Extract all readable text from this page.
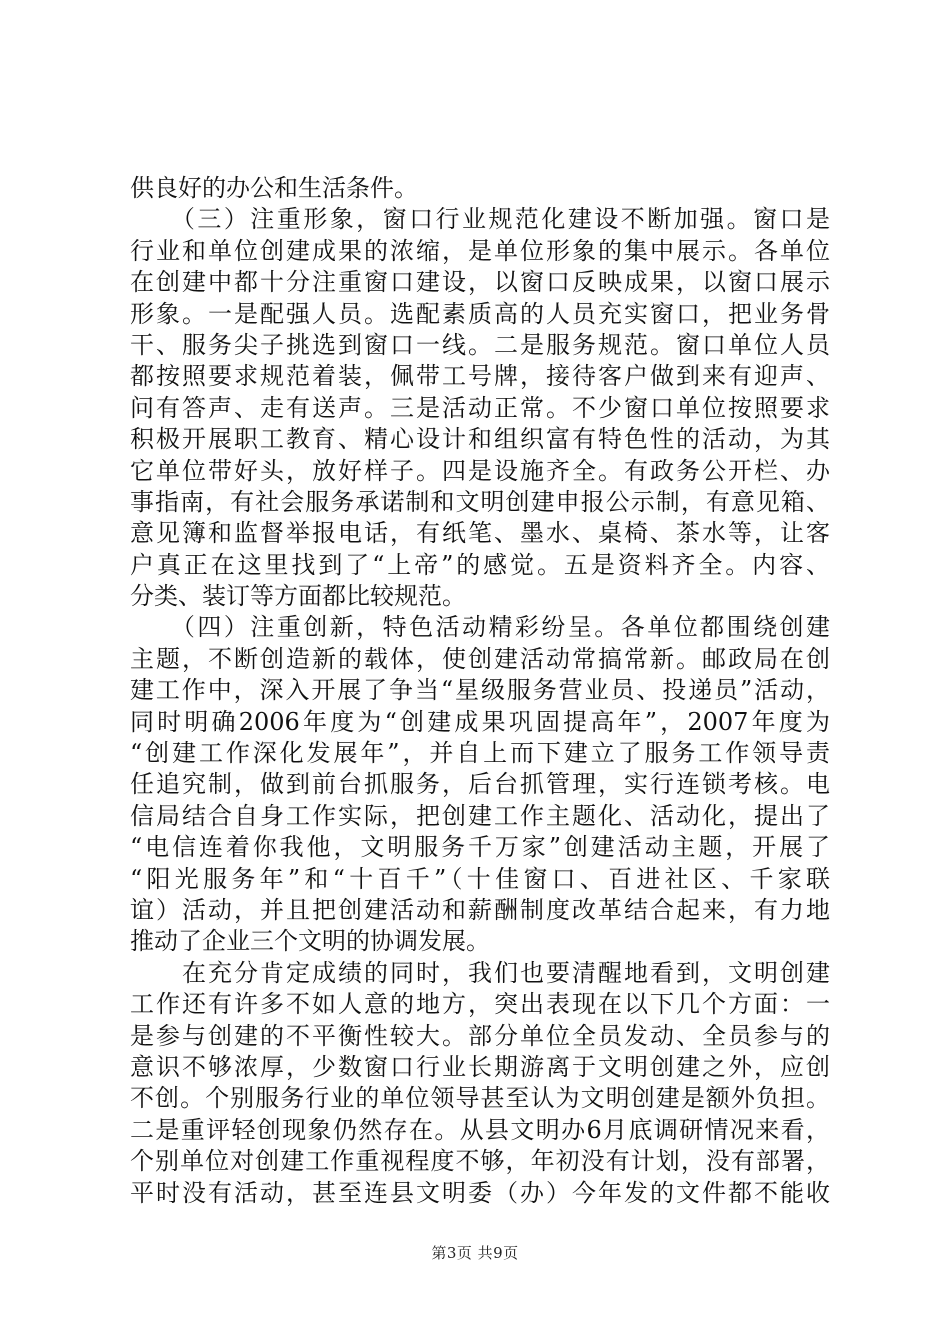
供良好的办公和生活条件。
　　（三）注重形象，窗口行业规范化建设不断加强。窗口是
行业和单位创建成果的浓缩，是单位形象的集中展示。各单位
在创建中都十分注重窗口建设，以窗口反映成果，以窗口展示
形象。一是配强人员。选配素质高的人员充实窗口，把业务骨
干、服务尖子挑选到窗口一线。二是服务规范。窗口单位人员
都按照要求规范着装，佩带工号牌，接待客户做到来有迎声、
问有答声、走有送声。三是活动正常。不少窗口单位按照要求
积极开展职工教育、精心设计和组织富有特色性的活动，为其
它单位带好头，放好样子。四是设施齐全。有政务公开栏、办
事指南，有社会服务承诺制和文明创建申报公示制，有意见箱、
意见簿和监督举报电话，有纸笔、墨水、桌椅、茶水等，让客
户真正在这里找到了“上帝”的感觉。五是资料齐全。内容、
分类、装订等方面都比较规范。
　　（四）注重创新，特色活动精彩纷呈。各单位都围绕创建
主题，不断创造新的载体，使创建活动常搞常新。邮政局在创
建工作中，深入开展了争当“星级服务营业员、投递员”活动，
同时明确2006年度为“创建成果巩固提高年”，2007年度为
“创建工作深化发展年”，并自上而下建立了服务工作领导责
任追究制，做到前台抓服务，后台抓管理，实行连锁考核。电
信局结合自身工作实际，把创建工作主题化、活动化，提出了
“电信连着你我他，文明服务千万家”创建活动主题，开展了
“阳光服务年”和“十百千”（十佳窗口、百进社区、千家联
谊）活动，并且把创建活动和薪酬制度改革结合起来，有力地
推动了企业三个文明的协调发展。
　　在充分肯定成绩的同时，我们也要清醒地看到，文明创建
工作还有许多不如人意的地方，突出表现在以下几个方面：一
是参与创建的不平衡性较大。部分单位全员发动、全员参与的
意识不够浓厚，少数窗口行业长期游离于文明创建之外，应创
不创。个别服务行业的单位领导甚至认为文明创建是额外负担。
二是重评轻创现象仍然存在。从县文明办6月底调研情况来看，
个别单位对创建工作重视程度不够，年初没有计划，没有部署，
平时没有活动，甚至连县文明委（办）今年发的文件都不能收
第3页 共9页
